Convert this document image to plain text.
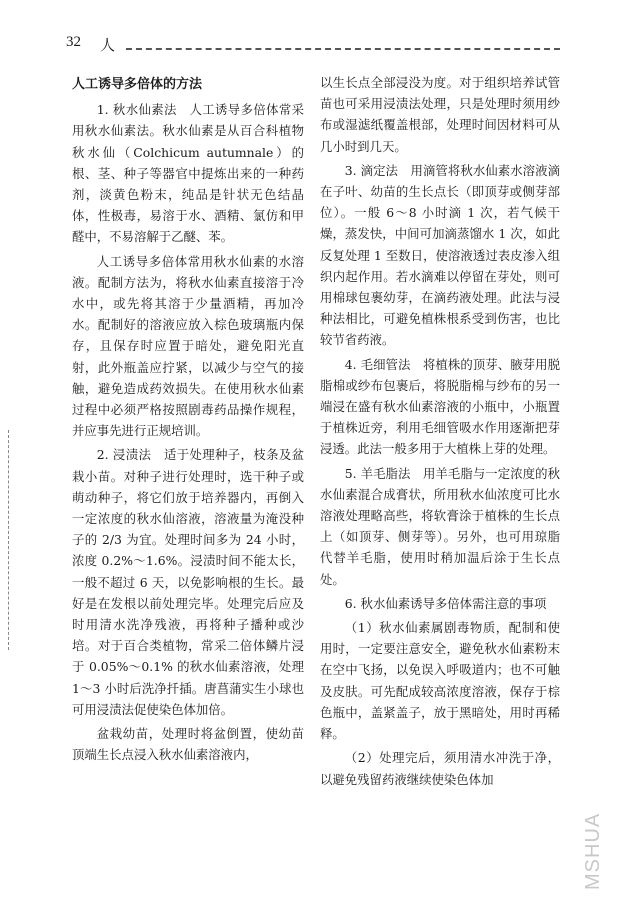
32 人
人工诱导多倍体的方法

1. 秋水仙素法　人工诱导多倍体常采用秋水仙素法。秋水仙素是从百合科植物秋水仙（Colchicum autumnale）的根、茎、种子等器官中提炼出来的一种药剂，淡黄色粉末，纯品是针状无色结晶体，性极毒，易溶于水、酒精、氯仿和甲醛中，不易溶解于乙醚、苯。

人工诱导多倍体常用秋水仙素的水溶液。配制方法为，将秋水仙素直接溶于冷水中，或先将其溶于少量酒精，再加冷水。配制好的溶液应放入棕色玻璃瓶内保存，且保存时应置于暗处，避免阳光直射，此外瓶盖应拧紧，以减少与空气的接触，避免造成药效损失。在使用秋水仙素过程中必须严格按照剧毒药品操作规程，并应事先进行正规培训。

2. 浸渍法　适于处理种子，枝条及盆栽小苗。对种子进行处理时，选干种子或萌动种子，将它们放于培养器内，再倒入一定浓度的秋水仙溶液，溶液量为淹没种子的 2/3 为宜。处理时间多为 24 小时，浓度 0.2%～1.6%。浸渍时间不能太长，一般不超过 6 天，以免影响根的生长。最好是在发根以前处理完毕。处理完后应及时用清水洗净残液，再将种子播种或沙培。对于百合类植物，常采二倍体鳞片浸于 0.05%～0.1% 的秋水仙素溶液，处理 1～3 小时后洗净扦插。唐菖蒲实生小球也可用浸渍法促使染色体加倍。

盆栽幼苗，处理时将盆倒置，使幼苗顶端生长点浸入秋水仙素溶液内，

以生长点全部浸没为度。对于组织培养试管苗也可采用浸渍法处理，只是处理时须用纱布或湿滤纸覆盖根部，处理时间因材料可从几小时到几天。

3. 滴定法　用滴管将秋水仙素水溶液滴在子叶、幼苗的生长点长（即顶芽或侧芽部位）。一般 6～8 小时滴 1 次，若气候干燥，蒸发快，中间可加滴蒸馏水 1 次，如此反复处理 1 至数日，使溶液透过表皮渗入组织内起作用。若水滴难以停留在芽处，则可用棉球包裹幼芽，在滴药液处理。此法与浸种法相比，可避免植株根系受到伤害，也比较节省药液。

4. 毛细管法　将植株的顶芽、腋芽用脱脂棉或纱布包裹后，将脱脂棉与纱布的另一端浸在盛有秋水仙素溶液的小瓶中，小瓶置于植株近旁，利用毛细管吸水作用逐渐把芽浸透。此法一般多用于大植株上芽的处理。

5. 羊毛脂法　用羊毛脂与一定浓度的秋水仙素混合成膏状，所用秋水仙浓度可比水溶液处理略高些，将软膏涂于植株的生长点上（如顶芽、侧芽等）。另外，也可用琼脂代替羊毛脂，使用时稍加温后涂于生长点处。

6. 秋水仙素诱导多倍体需注意的事项

（1）秋水仙素属剧毒物质，配制和使用时，一定要注意安全，避免秋水仙素粉末在空中飞扬，以免误入呼吸道内；也不可触及皮肤。可先配成较高浓度溶液，保存于棕色瓶中，盖紧盖子，放于黑暗处，用时再稀释。

（2）处理完后，须用清水冲洗于净，以避免残留药液继续使染色体加

MSHUA
